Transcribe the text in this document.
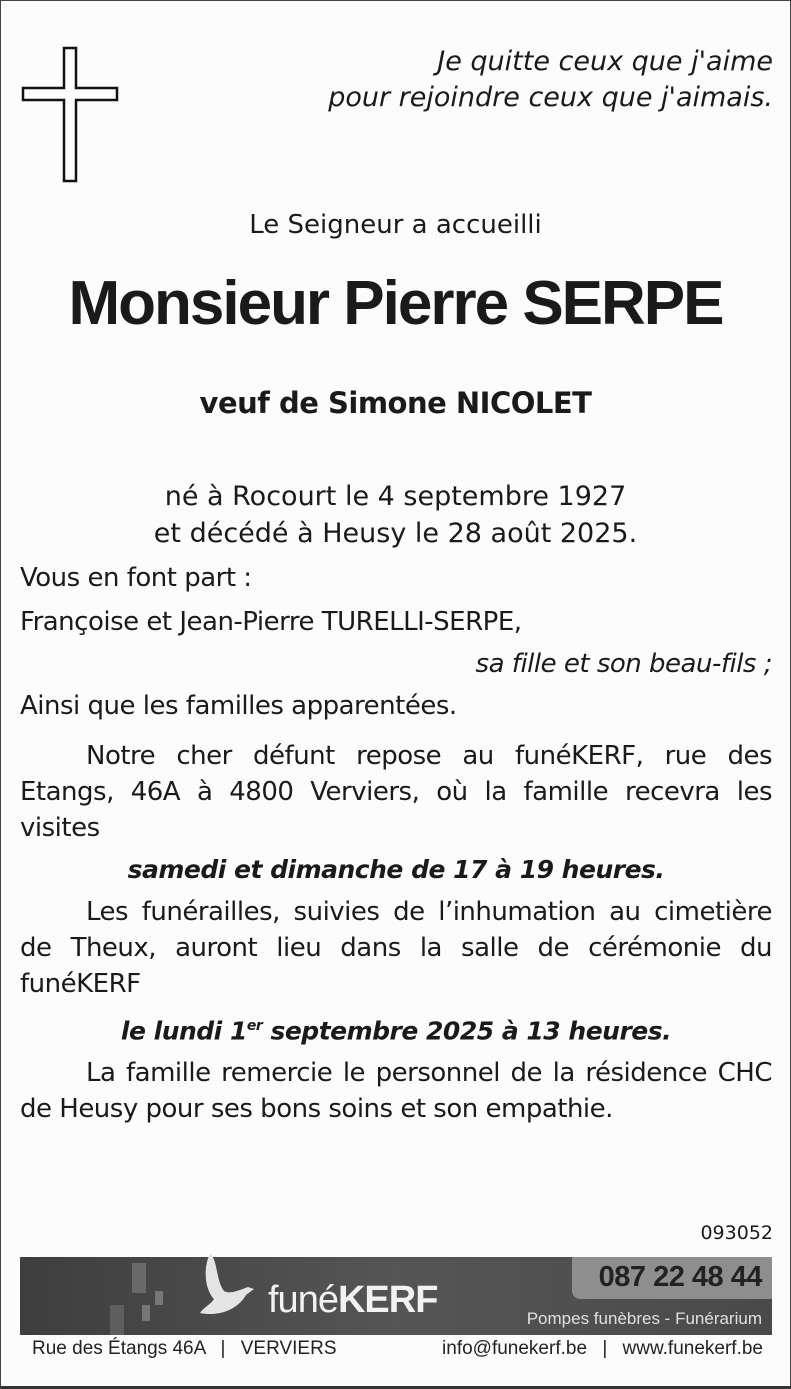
Je quitte ceux que j'aime
pour rejoindre ceux que j'aimais.
Le Seigneur a accueilli
Monsieur Pierre SERPE
veuf de Simone NICOLET
né à Rocourt le 4 septembre 1927
et décédé à Heusy le 28 août 2025.
Vous en font part :
Françoise et Jean-Pierre TURELLI-SERPE,
sa fille et son beau-fils ;
Ainsi que les familles apparentées.
Notre cher défunt repose au funéKERF, rue des Etangs, 46A à 4800 Verviers, où la famille recevra les visites
samedi et dimanche de 17 à 19 heures.
Les funérailles, suivies de l’inhumation au cimetière de Theux, auront lieu dans la salle de cérémonie du funéKERF
le lundi 1er septembre 2025 à 13 heures.
La famille remercie le personnel de la résidence CHC de Heusy pour ses bons soins et son empathie.
093052
funéKERF
087 22 48 44
Pompes funèbres - Funérarium
Rue des Étangs 46A | VERVIERS	info@funekerf.be | www.funekerf.be
